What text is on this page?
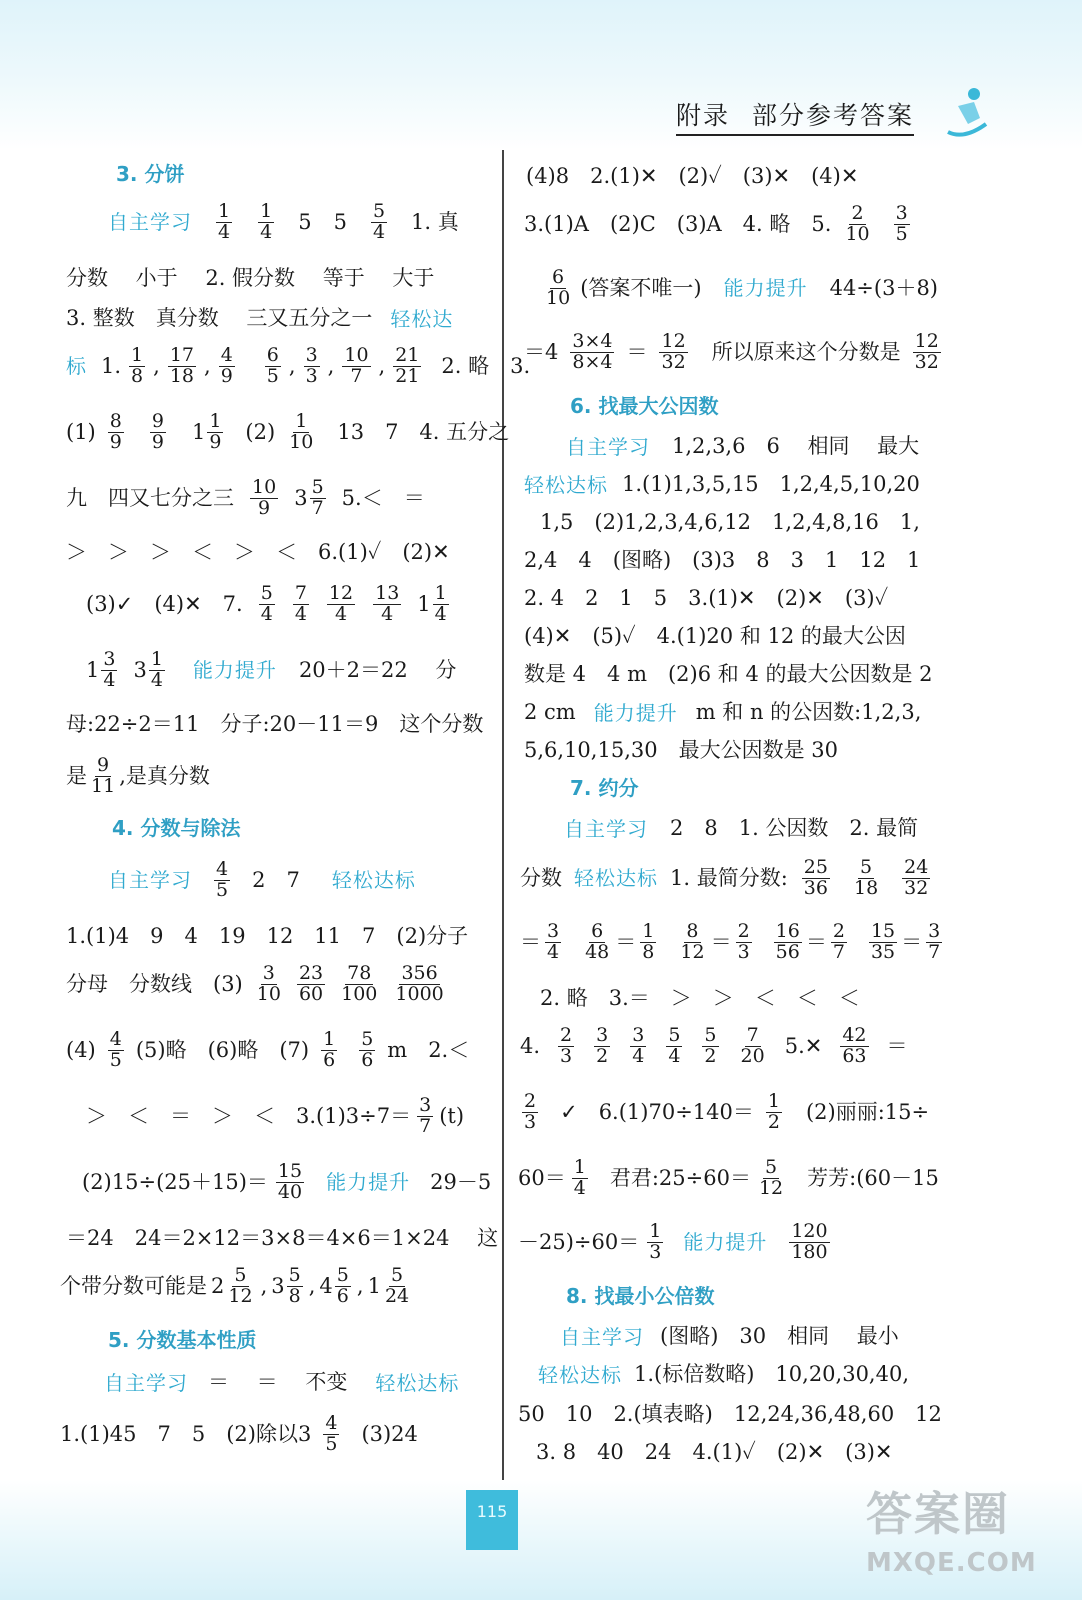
附录 部分参考答案
3. 分饼
自主学习 $\frac{1}{4} \frac{1}{4} 5$ $5 \frac{5}{4} 1$. 真
分数　 小于　 2. 假分数　 等于　 大于
3. 整数　真分数　 三又五分之一 轻松达
标 1. $\frac{1}{8}$ , $\frac{17}{18}$ , $\frac{4}{9} \frac{6}{5}$ , $\frac{3}{3}$ , $\frac{10}{7}$ , $\frac{21}{21} 2$. 略　3.
$(1) \frac{8}{9} \frac{9}{9} 1 \frac{1}{9} (2) \frac{1}{10} 13$　7　4. 五分之
九　四又七分之三 $\frac{10}{9} 3 \frac{5}{7} 5.<$　＝
＞　＞　＞　＜　＞　＜　6.(1)✓　(2)✕
(3)✓　(4)✕　7. $\frac{5}{4} \frac{7}{4} \frac{12}{4} \frac{13}{4} 1 \frac{1}{4}$
$1 \frac{3}{4} 3 \frac{1}{4}$ 能力提升 20＋2＝22　 分
母:22÷2＝11　分子:20－11＝9　这个分数
是 $\frac{9}{11}$ ,是真分数
4. 分数与除法
自主学习 $\frac{4}{5} 2$　7 轻松达标
1.(1)4　9　4　19　12　11　7　(2)分子
分母　分数线　$(3) \frac{3}{10} \frac{23}{60} \frac{78}{100} \frac{356}{1000}$
$(4) \frac{4}{5} (5)$略　(6)略　$(7) \frac{1}{6} \frac{5}{6}$ m　2.＜
＞　＜　＝　＞　＜　$3.(1)3\div 7= \frac{3}{7} (t)$
$(2)15\div(25+15)= \frac{15}{40}$ 能力提升 29－5
＝24　24＝2×12＝3×8＝4×6＝1×24　 这
个带分数可能是 $2 \frac{5}{12}$ , $3 \frac{5}{8}$ , $4 \frac{5}{6}$ , $1 \frac{5}{24}$
5. 分数基本性质
自主学习 ＝　 ＝　 不变 轻松达标
1.(1)45　7　5　(2)除以$3 \frac{4}{5} (3)24$
(4)8　2.(1)✕　(2)✓　(3)✕　(4)✕
3.(1)A　(2)C　(3)A　4. 略　5. $\frac{2}{10} \frac{3}{5}$
$\frac{6}{10}$ (答案不唯一) 能力提升 44÷(3＋8)
$=4 \frac{3\times 4}{8\times 4} = \frac{12}{32}$ 所以原来这个分数是 $\frac{12}{32}$
6. 找最大公因数
自主学习 1,2,3,6　6　 相同　 最大
轻松达标 1.(1)1,3,5,15　1,2,4,5,10,20
1,5　(2)1,2,3,4,6,12　1,2,4,8,16　1,
2,4　4　(图略)　(3)3　8　3　1　12　1
2. 4　2　1　5　3.(1)✕　(2)✕　(3)✓
(4)✕　(5)✓　4.(1)20 和 12 的最大公因
数是 4　4 m　(2)6 和 4 的最大公因数是 2
2 cm 能力提升 m 和 n 的公因数:1,2,3,
5,6,10,15,30　最大公因数是 30
7. 约分
自主学习 2　8　1. 公因数　2. 最简
分数 轻松达标 1. 最简分数: $\frac{25}{36} \frac{5}{18} \frac{24}{32}$
＝ $\frac{3}{4} \frac{6}{48} = \frac{1}{8} \frac{8}{12} = \frac{2}{3} \frac{16}{56} = \frac{2}{7} \frac{15}{35} = \frac{3}{7}$
2. 略　3.＝　＞　＞　＜　＜　＜
4. $\frac{2}{3} \frac{3}{2} \frac{3}{4} \frac{5}{4} \frac{5}{2} \frac{7}{20}$ 5.✕ $\frac{42}{63}$ ＝
$\frac{2}{3}$ ✓　$6.(1)70\div 140= \frac{1}{2} (2)$丽丽:15÷
$60= \frac{1}{4}$ 君君:25÷60＝ $\frac{5}{12}$ 芳芳:(60－15
$-25)\div 60= \frac{1}{3}$ 能力提升 $\frac{120}{180}$
8. 找最小公倍数
自主学习 (图略)　30　相同　 最小
轻松达标 1.(标倍数略)　10,20,30,40,
50　10　2.(填表略)　12,24,36,48,60　12
3. 8　40　24　4.(1)✓　(2)✕　(3)✕
115	答案圈
MXQE.COM
